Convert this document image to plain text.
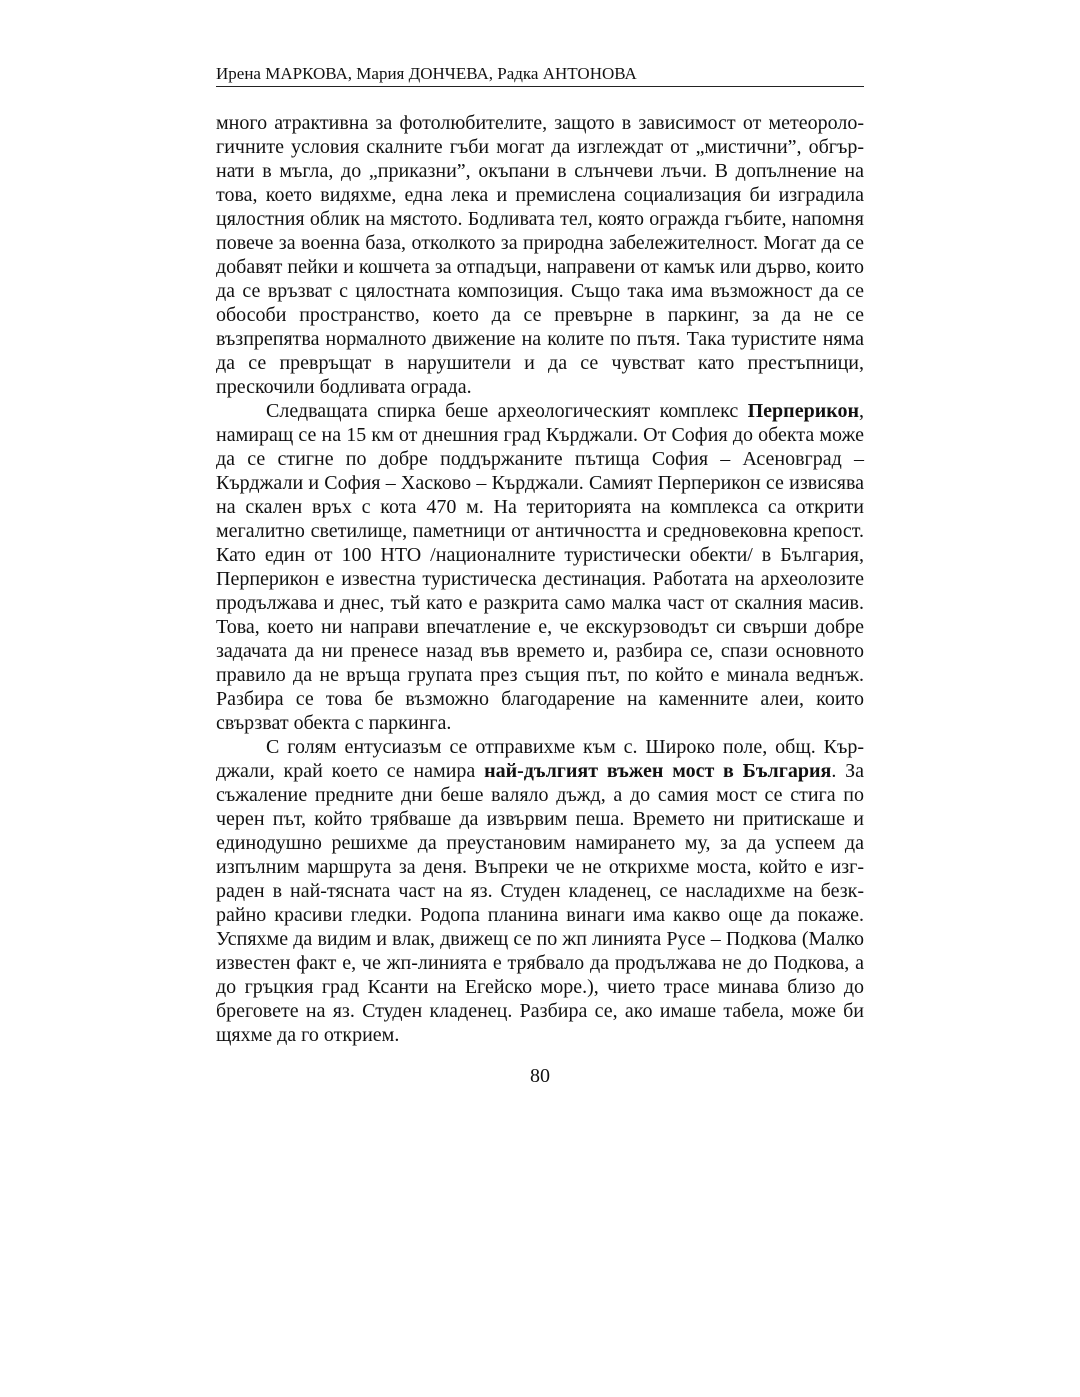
Ирена МАРКОВА, Мария ДОНЧЕВА, Радка АНТОНОВА

много атрактивна за фотолюбителите, защото в зависимост от метеорологичните условия скалните гъби могат да изглеждат от „мистични”, обгърнати в мъгла, до „приказни”, окъпани в слънчеви лъчи. В допълнение на това, което видяхме, една лека и премислена социализация би изградила цялостния облик на мястото. Бодливата тел, която огражда гъбите, напомня повече за военна база, отколкото за природна забележителност. Могат да се добавят пейки и кошчета за отпадъци, направени от камък или дърво, които да се връзват с цялостната композиция. Също така има възможност да се обособи пространство, което да се превърне в паркинг, за да не се възпрепятва нормалното движение на колите по пътя. Така туристите няма да се превръщат в нарушители и да се чувстват като престъпници, прескочили бодливата ограда.

Следващата спирка беше археологическият комплекс Перперикон, намиращ се на 15 км от днешния град Кърджали. От София до обекта може да се стигне по добре поддържаните пътища София – Асеновград – Кърджали и София – Хасково – Кърджали. Самият Перперикон се извисява на скален връх с кота 470 м. На територията на комплекса са открити мегалитно светилище, паметници от античността и средновековна крепост. Като един от 100 НТО /националните туристически обекти/ в България, Перперикон е известна туристическа дестинация. Работата на археолозите продължава и днес, тъй като е разкрита само малка част от скалния масив. Това, което ни направи впечатление е, че екскурзоводът си свърши добре задачата да ни пренесе назад във времето и, разбира се, спази основното правило да не връща групата през същия път, по който е минала веднъж. Разбира се това бе възможно благодарение на каменните алеи, които свързват обекта с паркинга.

С голям ентусиазъм се отправихме към с. Широко поле, общ. Кърджали, край което се намира най-дългият въжен мост в България. За съжаление предните дни беше валяло дъжд, а до самия мост се стига по черен път, който трябваше да извървим пеша. Времето ни притискаше и единодушно решихме да преустановим намирането му, за да успеем да изпълним маршрута за деня. Въпреки че не открихме моста, който е изграден в най-тясната част на яз. Студен кладенец, се насладихме на безкрайно красиви гледки. Родопа планина винаги има какво още да покаже. Успяхме да видим и влак, движещ се по жп линията Русе – Подкова (Малко известен факт е, че жп-линията е трябвало да продължава не до Подкова, а до гръцкия град Ксанти на Егейско море.), чието трасе минава близо до бреговете на яз. Студен кладенец. Разбира се, ако имаше табела, може би щяхме да го открием.

80
